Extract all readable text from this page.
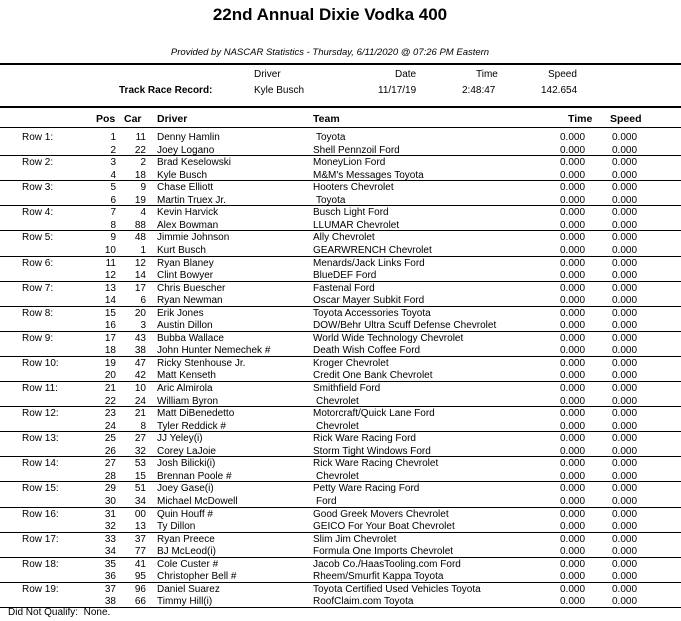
22nd Annual Dixie Vodka 400
Provided by NASCAR Statistics - Thursday, 6/11/2020 @ 07:26 PM Eastern
Driver	Date	Time	Speed
Track Race Record:	Kyle Busch	11/17/19	2:48:47	142.654
Pos Car Driver	Team	Time Speed
Row 1:	1	11 Denny Hamlin	Toyota	0.000	0.000
2	22 Joey Logano	Shell Pennzoil Ford	0.000	0.000
Row 2:	3	2 Brad Keselowski	MoneyLion Ford	0.000	0.000
4	18 Kyle Busch	M&M's Messages Toyota	0.000	0.000
Row 3:	5	9 Chase Elliott	Hooters Chevrolet	0.000	0.000
6	19 Martin Truex Jr.	Toyota	0.000	0.000
Row 4:	7	4 Kevin Harvick	Busch Light Ford	0.000	0.000
8	88 Alex Bowman	LLUMAR Chevrolet	0.000	0.000
Row 5:	9	48 Jimmie Johnson	Ally Chevrolet	0.000	0.000
10	1 Kurt Busch	GEARWRENCH Chevrolet	0.000	0.000
Row 6:	11	12 Ryan Blaney	Menards/Jack Links Ford	0.000	0.000
12	14 Clint Bowyer	BlueDEF Ford	0.000	0.000
Row 7:	13	17 Chris Buescher	Fastenal Ford	0.000	0.000
14	6 Ryan Newman	Oscar Mayer Subkit Ford	0.000	0.000
Row 8:	15	20 Erik Jones	Toyota Accessories Toyota	0.000	0.000
16	3 Austin Dillon	DOW/Behr Ultra Scuff Defense Chevrolet	0.000	0.000
Row 9:	17	43 Bubba Wallace	World Wide Technology Chevrolet	0.000	0.000
18	38 John Hunter Nemechek #	Death Wish Coffee Ford	0.000	0.000
Row 10:	19	47 Ricky Stenhouse Jr.	Kroger Chevrolet	0.000	0.000
20	42 Matt Kenseth	Credit One Bank Chevrolet	0.000	0.000
Row 11:	21	10 Aric Almirola	Smithfield Ford	0.000	0.000
22	24 William Byron	Chevrolet	0.000	0.000
Row 12:	23	21 Matt DiBenedetto	Motorcraft/Quick Lane Ford	0.000	0.000
24	8 Tyler Reddick #	Chevrolet	0.000	0.000
Row 13:	25	27 JJ Yeley(i)	Rick Ware Racing Ford	0.000	0.000
26	32 Corey LaJoie	Storm Tight Windows Ford	0.000	0.000
Row 14:	27	53 Josh Bilicki(i)	Rick Ware Racing Chevrolet	0.000	0.000
28	15 Brennan Poole #	Chevrolet	0.000	0.000
Row 15:	29	51 Joey Gase(i)	Petty Ware Racing Ford	0.000	0.000
30	34 Michael McDowell	Ford	0.000	0.000
Row 16:	31	00 Quin Houff #	Good Greek Movers Chevrolet	0.000	0.000
32	13 Ty Dillon	GEICO For Your Boat Chevrolet	0.000	0.000
Row 17:	33	37 Ryan Preece	Slim Jim Chevrolet	0.000	0.000
34	77 BJ McLeod(i)	Formula One Imports Chevrolet	0.000	0.000
Row 18:	35	41 Cole Custer #	Jacob Co./HaasTooling.com Ford	0.000	0.000
36	95 Christopher Bell #	Rheem/Smurfit Kappa Toyota	0.000	0.000
Row 19:	37	96 Daniel Suarez	Toyota Certified Used Vehicles Toyota	0.000	0.000
38	66 Timmy Hill(i)	RoofClaim.com Toyota	0.000	0.000
Did Not Qualify: None.
